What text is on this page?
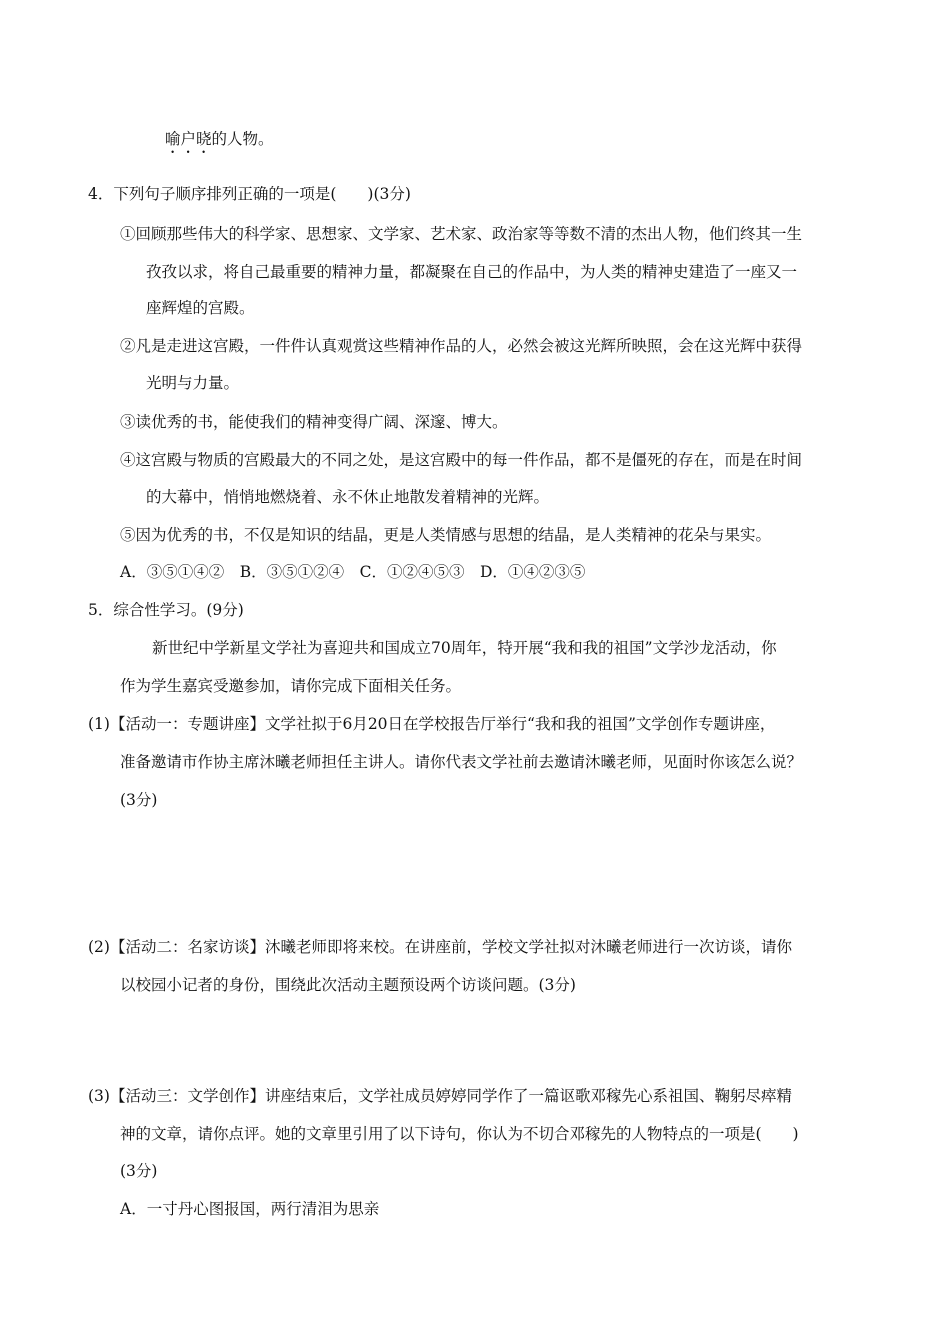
喻户晓的人物。
4．下列句子顺序排列正确的一项是(　　)(3分)
①回顾那些伟大的科学家、思想家、文学家、艺术家、政治家等等数不清的杰出人物，他们终其一生
孜孜以求，将自己最重要的精神力量，都凝聚在自己的作品中，为人类的精神史建造了一座又一
座辉煌的宫殿。
②凡是走进这宫殿，一件件认真观赏这些精神作品的人，必然会被这光辉所映照，会在这光辉中获得
光明与力量。
③读优秀的书，能使我们的精神变得广阔、深邃、博大。
④这宫殿与物质的宫殿最大的不同之处，是这宫殿中的每一件作品，都不是僵死的存在，而是在时间
的大幕中，悄悄地燃烧着、永不休止地散发着精神的光辉。
⑤因为优秀的书，不仅是知识的结晶，更是人类情感与思想的结晶，是人类精神的花朵与果实。
A．③⑤①④②　B．③⑤①②④　C．①②④⑤③　D．①④②③⑤
5．综合性学习。(9分)
新世纪中学新星文学社为喜迎共和国成立70周年，特开展“我和我的祖国”文学沙龙活动，你
作为学生嘉宾受邀参加，请你完成下面相关任务。
(1)【活动一：专题讲座】文学社拟于6月20日在学校报告厅举行“我和我的祖国”文学创作专题讲座，
准备邀请市作协主席沐曦老师担任主讲人。请你代表文学社前去邀请沐曦老师，见面时你该怎么说？
(3分)
(2)【活动二：名家访谈】沐曦老师即将来校。在讲座前，学校文学社拟对沐曦老师进行一次访谈，请你
以校园小记者的身份，围绕此次活动主题预设两个访谈问题。(3分)
(3)【活动三：文学创作】讲座结束后，文学社成员婷婷同学作了一篇讴歌邓稼先心系祖国、鞠躬尽瘁精
神的文章，请你点评。她的文章里引用了以下诗句，你认为不切合邓稼先的人物特点的一项是(　　)
(3分)
A．一寸丹心图报国，两行清泪为思亲
